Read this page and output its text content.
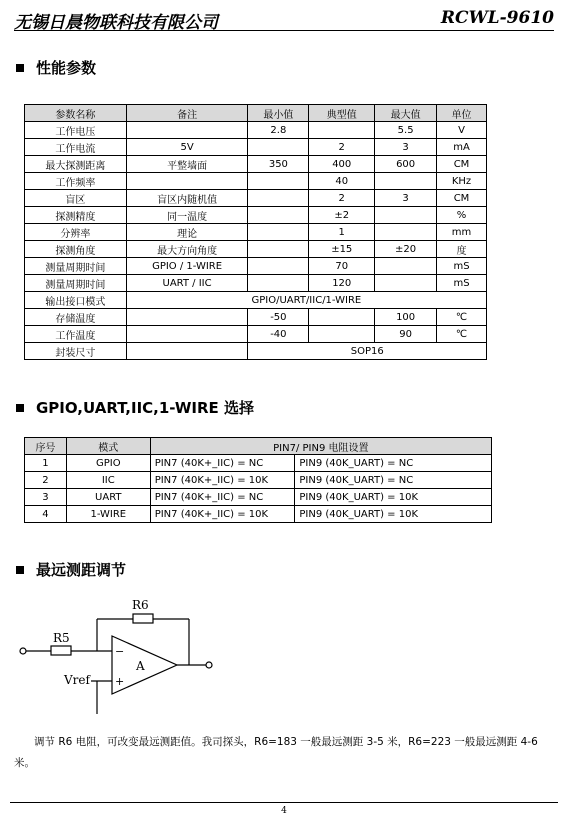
无锡日晨物联科技有限公司	RCWL-9610
性能参数
参数名称	备注	最小值	典型值	最大值	单位
工作电压		2.8		5.5	V
工作电流	5V		2	3	mA
最大探测距离	平整墙面	350	400	600	CM
工作频率			40		KHz
盲区	盲区内随机值		2	3	CM
探测精度	同一温度		±2		%
分辨率	理论		1		mm
探测角度	最大方向角度		±15	±20	度
测量周期时间	GPIO / 1-WIRE		70		mS
测量周期时间	UART / IIC		120		mS
输出接口模式	GPIO/UART/IIC/1-WIRE				
存储温度		-50		100	℃
工作温度		-40		90	℃
封装尺寸		SOP16			
GPIO,UART,IIC,1-WIRE 选择
序号	模式	PIN7/ PIN9 电阻设置	
1	GPIO	PIN7 (40K+_IIC) = NC	PIN9 (40K_UART) = NC
2	IIC	PIN7 (40K+_IIC) = 10K	PIN9 (40K_UART) = NC
3	UART	PIN7 (40K+_IIC) = NC	PIN9 (40K_UART) = 10K
4	1-WIRE	PIN7 (40K+_IIC) = 10K	PIN9 (40K_UART) = 10K
最远测距调节
R6
R5
Vref
A
−
+
调节 R6 电阻，可改变最远测距值。我司探头，R6=183 一般最远测距 3-5 米，R6=223 一般最远测距 4-6 米。
4
